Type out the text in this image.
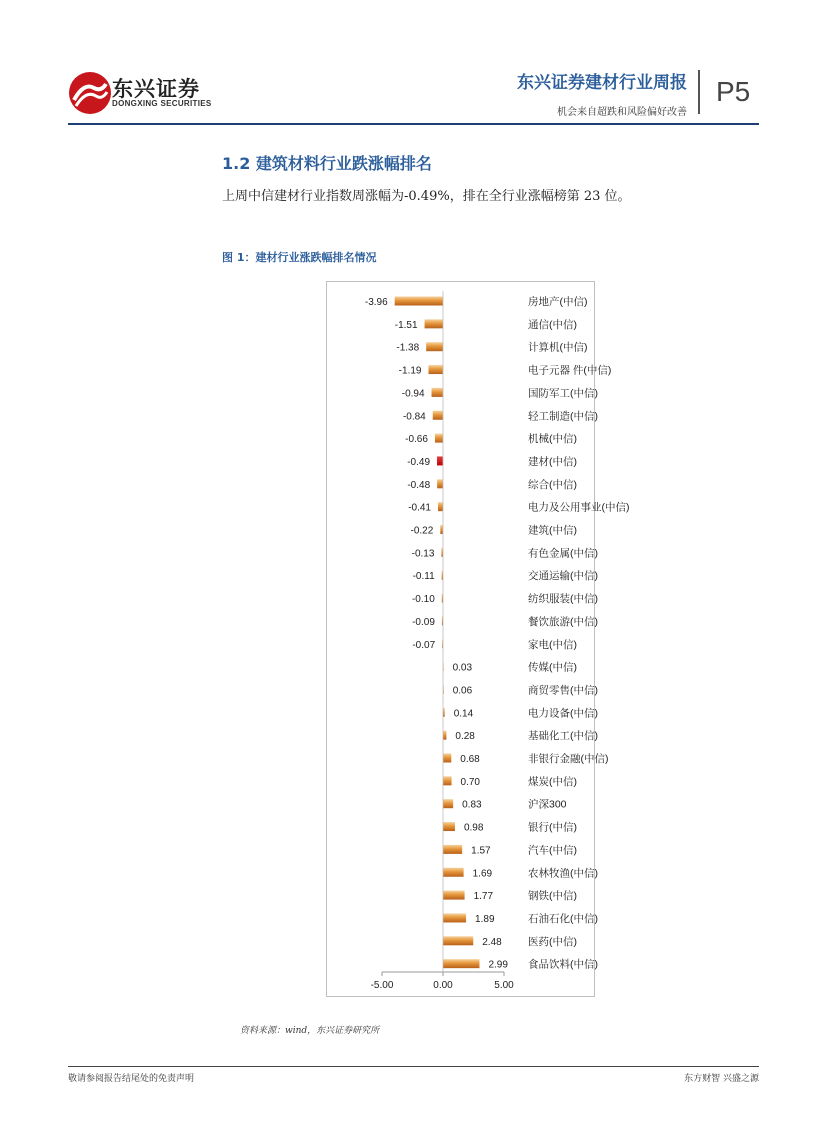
东兴证券
DONGXING SECURITIES
东兴证券建材行业周报
机会来自超跌和风险偏好改善
P5
1.2 建筑材料行业跌涨幅排名
上周中信建材行业指数周涨幅为-0.49%，排在全行业涨幅榜第 23 位。
图 1：建材行业涨跌幅排名情况
-3.96	房地产(中信)
-1.51	通信(中信)
-1.38	计算机(中信)
-1.19	电子元器 件(中信)
-0.94	国防军工(中信)
-0.84	轻工制造(中信)
-0.66	机械(中信)
-0.49	建材(中信)
-0.48	综合(中信)
-0.41	电力及公用事业(中信)
-0.22	建筑(中信)
-0.13	有色金属(中信)
-0.11	交通运输(中信)
-0.10	纺织服装(中信)
-0.09	餐饮旅游(中信)
-0.07	家电(中信)
0.03	传媒(中信)
0.06	商贸零售(中信)
0.14	电力设备(中信)
0.28	基础化工(中信)
0.68	非银行金融(中信)
0.70	煤炭(中信)
0.83	沪深300
0.98	银行(中信)
1.57	汽车(中信)
1.69	农林牧渔(中信)
1.77	钢铁(中信)
1.89	石油石化(中信)
2.48	医药(中信)
2.99 食品饮料(中信)
-5.00	0.00	5.00
资料来源：wind，东兴证券研究所
敬请参阅报告结尾处的免责声明	东方财智 兴盛之源
